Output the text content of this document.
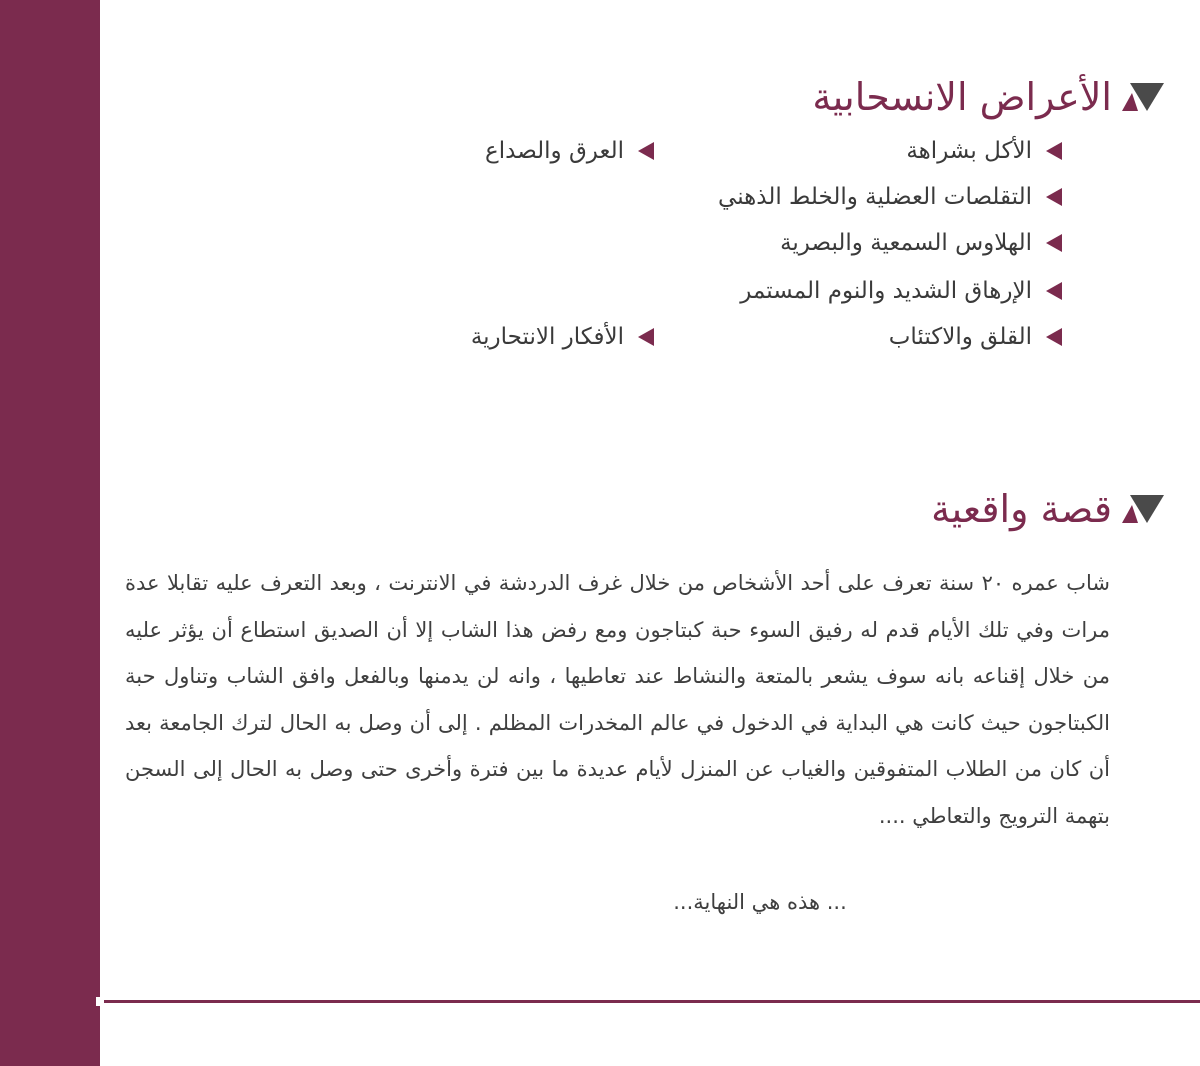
الأعراض الانسحابية
الأكل بشراهة
العرق والصداع
التقلصات العضلية والخلط الذهني
الهلاوس السمعية والبصرية
الإرهاق الشديد والنوم المستمر
القلق والاكتئاب
الأفكار الانتحارية
قصة واقعية

شاب عمره ٢٠ سنة تعرف على أحد الأشخاص من خلال غرف الدردشة في الانترنت ، وبعد التعرف عليه تقابلا عدة مرات وفي تلك الأيام قدم له رفيق السوء حبة كبتاجون ومع رفض هذا الشاب إلا أن الصديق استطاع أن يؤثر عليه من خلال إقناعه بانه سوف يشعر بالمتعة والنشاط عند تعاطيها ، وانه لن يدمنها وبالفعل وافق الشاب وتناول حبة الكبتاجون حيث كانت هي البداية في الدخول في عالم المخدرات المظلم . إلى أن وصل به الحال لترك الجامعة بعد أن كان من الطلاب المتفوقين والغياب عن المنزل لأيام عديدة ما بين فترة وأخرى حتى وصل به الحال إلى السجن بتهمة الترويج والتعاطي ....

... هذه هي النهاية...
